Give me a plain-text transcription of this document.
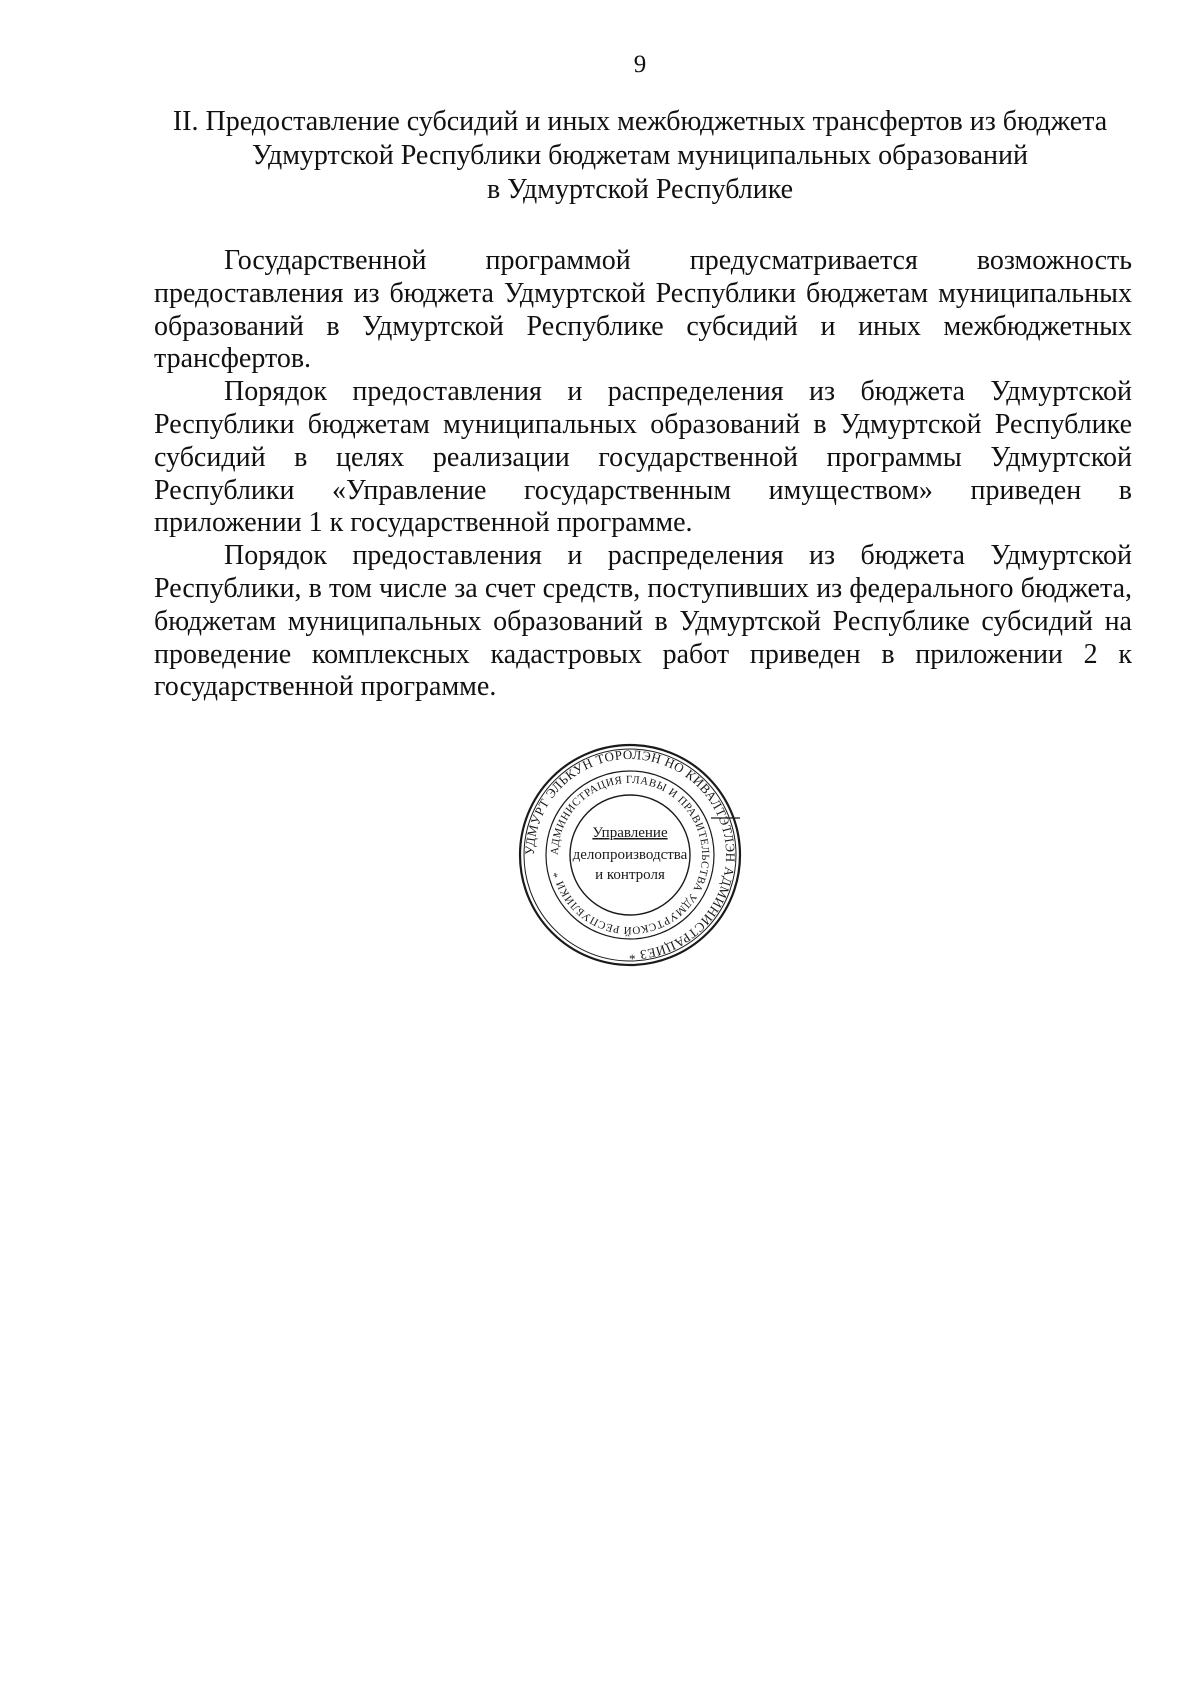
9
II. Предоставление субсидий и иных межбюджетных трансфертов из бюджета
Удмуртской Республики бюджетам муниципальных образований
в Удмуртской Республике

Государственной программой предусматривается возможность предоставления из бюджета Удмуртской Республики бюджетам муниципальных образований в Удмуртской Республике субсидий и иных межбюджетных трансфертов.

Порядок предоставления и распределения из бюджета Удмуртской Республики бюджетам муниципальных образований в Удмуртской Республике субсидий в целях реализации государственной программы Удмуртской Республики «Управление государственным имуществом» приведен в приложении 1 к государственной программе.

Порядок предоставления и распределения из бюджета Удмуртской Республики, в том числе за счет средств, поступивших из федерального бюджета, бюджетам муниципальных образований в Удмуртской Республике субсидий на проведение комплексных кадастровых работ приведен в приложении 2 к государственной программе.

УДМУРТ ЭЛЬКУН ТОРОЛЭН НО КИВАЛТЭТЛЭН АДМИНИСТРАЦИЕЗ *
АДМИНИСТРАЦИЯ ГЛАВЫ И ПРАВИТЕЛЬСТВА УДМУРТСКОЙ РЕСПУБЛИКИ *
Управление
делопроизводства
и контроля
